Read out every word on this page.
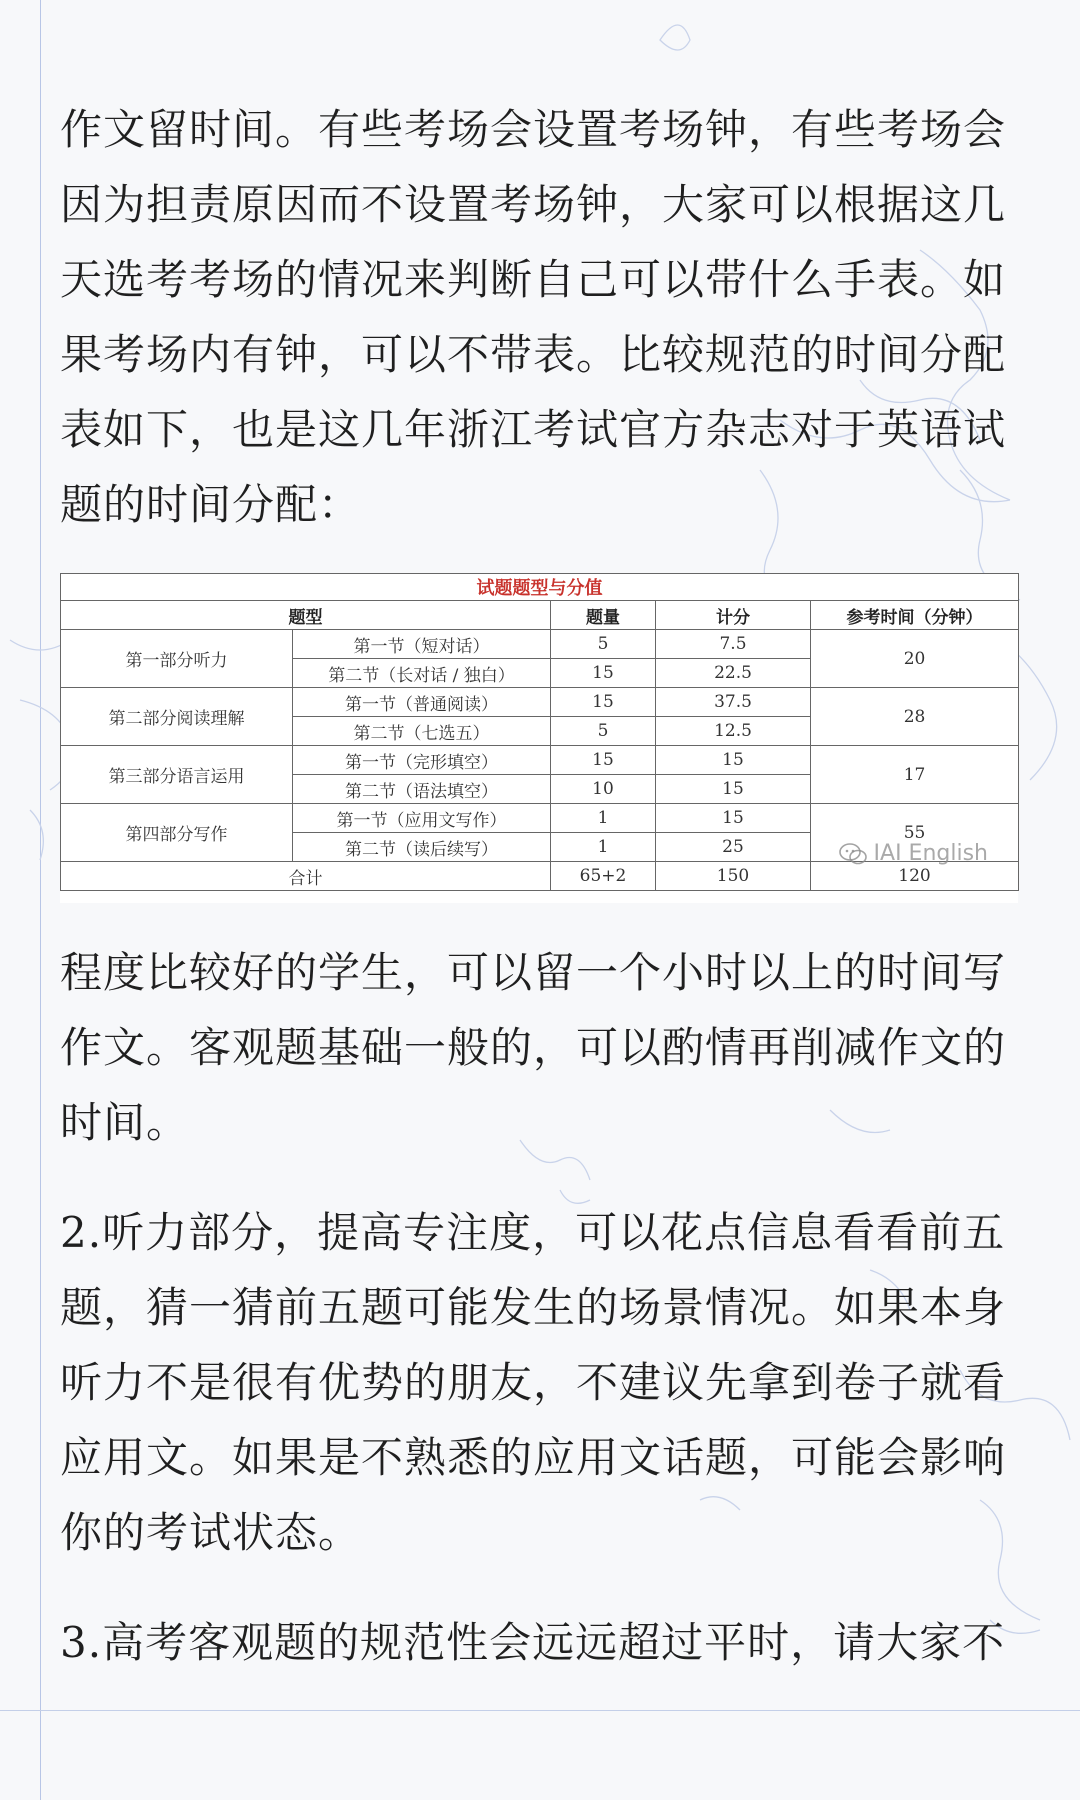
作文留时间。有些考场会设置考场钟，有些考场会因为担责原因而不设置考场钟，大家可以根据这几天选考考场的情况来判断自己可以带什么手表。如果考场内有钟，可以不带表。比较规范的时间分配表如下，也是这几年浙江考试官方杂志对于英语试题的时间分配：

试题题型与分值				
题型		题量	计分	参考时间（分钟）
第一部分听力	第一节（短对话）	5	7.5	20
	第二节（长对话 / 独白）	15	22.5	
第二部分阅读理解	第一节（普通阅读）	15	37.5	28
	第二节（七选五）	5	12.5	
第三部分语言运用	第一节（完形填空）	15	15	17
	第二节（语法填空）	10	15	
第四部分写作	第一节（应用文写作）	1	15	55
	第二节（读后续写）	1	25	
合计		65+2	150	120
IAI English

程度比较好的学生，可以留一个小时以上的时间写作文。客观题基础一般的，可以酌情再削减作文的时间。

2.听力部分，提高专注度，可以花点信息看看前五题，猜一猜前五题可能发生的场景情况。如果本身听力不是很有优势的朋友，不建议先拿到卷子就看应用文。如果是不熟悉的应用文话题，可能会影响你的考试状态。

3.高考客观题的规范性会远远超过平时，请大家不
